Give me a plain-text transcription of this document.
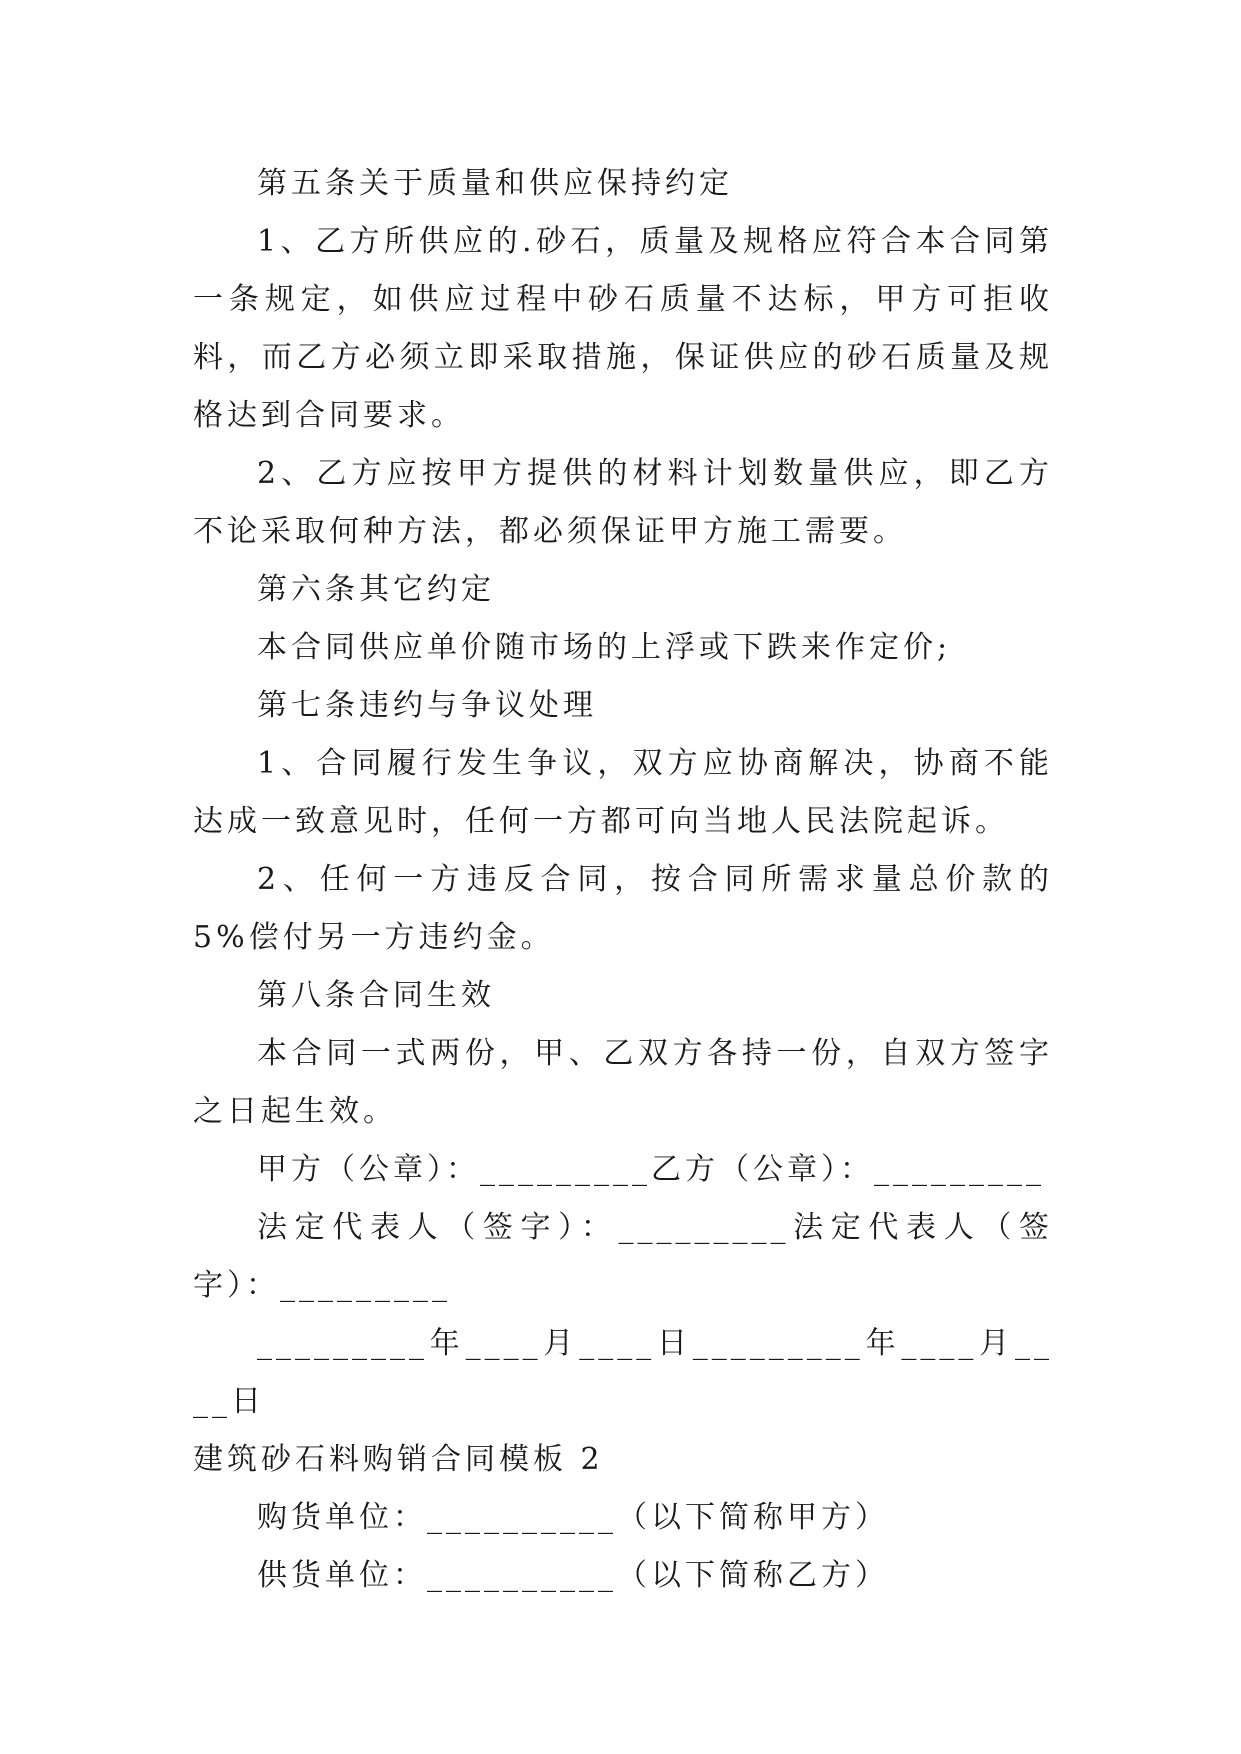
第五条关于质量和供应保持约定

1、乙方所供应的.砂石，质量及规格应符合本合同第一条规定，如供应过程中砂石质量不达标，甲方可拒收料，而乙方必须立即采取措施，保证供应的砂石质量及规格达到合同要求。

2、乙方应按甲方提供的材料计划数量供应，即乙方不论采取何种方法，都必须保证甲方施工需要。

第六条其它约定

本合同供应单价随市场的上浮或下跌来作定价;

第七条违约与争议处理

1、合同履行发生争议，双方应协商解决，协商不能达成一致意见时，任何一方都可向当地人民法院起诉。

2、任何一方违反合同，按合同所需求量总价款的 5%偿付另一方违约金。

第八条合同生效

本合同一式两份，甲、乙双方各持一份，自双方签字之日起生效。

甲方（公章）：_________乙方（公章）：_________

法定代表人（签字）：_________法定代表人（签字）：_________

_________年____月____日_________年____月____日

建筑砂石料购销合同模板 2

购货单位：__________（以下简称甲方）

供货单位：__________（以下简称乙方）
